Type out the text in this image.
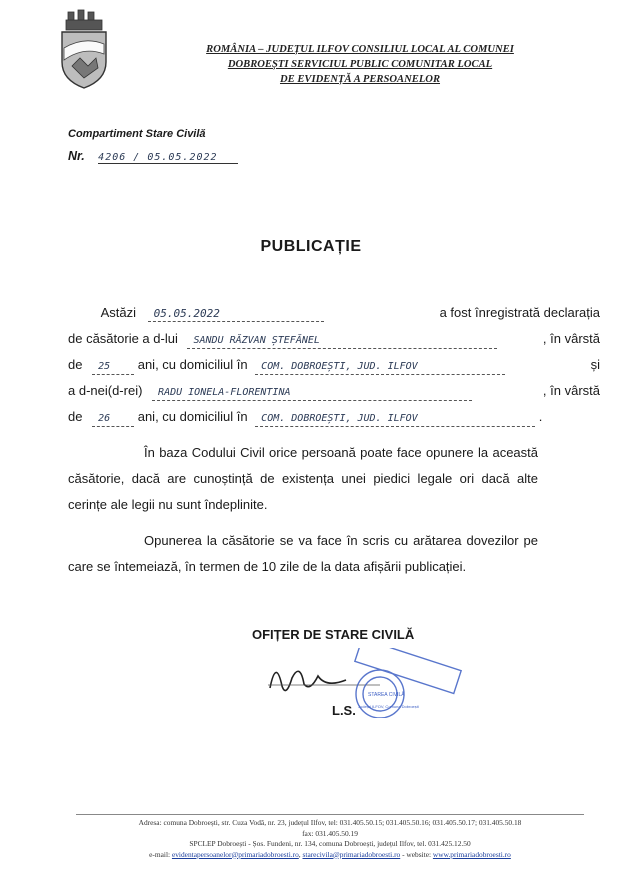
ROMÂNIA – JUDEȚUL ILFOV CONSILIUL LOCAL AL COMUNEI
DOBROEȘTI SERVICIUL PUBLIC COMUNITAR LOCAL
DE EVIDENȚĂ A PERSOANELOR
Compartiment Stare Civilă
Nr. 4206 / 05.05.2022
PUBLICAȚIE
Astăzi 05.05.2022	a fost înregistrată declarația
de căsătorie a d-lui SANDU RĂZVAN ȘTEFĂNEL	, în vârstă
de 25 ani, cu domiciliul în COM. DOBROEȘTI, JUD. ILFOV	și
a d-nei(d-rei) RADU IONELA-FLORENTINA	, în vârstă
de 26 ani, cu domiciliul în COM. DOBROEȘTI, JUD. ILFOV	.
În baza Codului Civil orice persoană poate face opunere la această căsătorie, dacă are cunoștință de existența unei piedici legale ori dacă alte cerințe ale legii nu sunt îndeplinite.
Opunerea la căsătorie se va face în scris cu arătarea dovezilor pe care se întemeiază, în termen de 10 zile de la data afișării publicației.
OFIȚER DE STARE CIVILĂ
STAREA CIVILĂ
Județul ILFOV, Comuna Dobroești
L.S.
Adresa: comuna Dobroești, str. Cuza Vodă, nr. 23, județul Ilfov, tel: 031.405.50.15; 031.405.50.16; 031.405.50.17; 031.405.50.18
fax: 031.405.50.19
SPCLEP Dobroești - Șos. Fundeni, nr. 134, comuna Dobroești, județul Ilfov, tel. 031.425.12.50
e-mail: evidentapersoanelor@primariadobroesti.ro, starecivila@primariadobroesti.ro - website: www.primariadobroesti.ro
